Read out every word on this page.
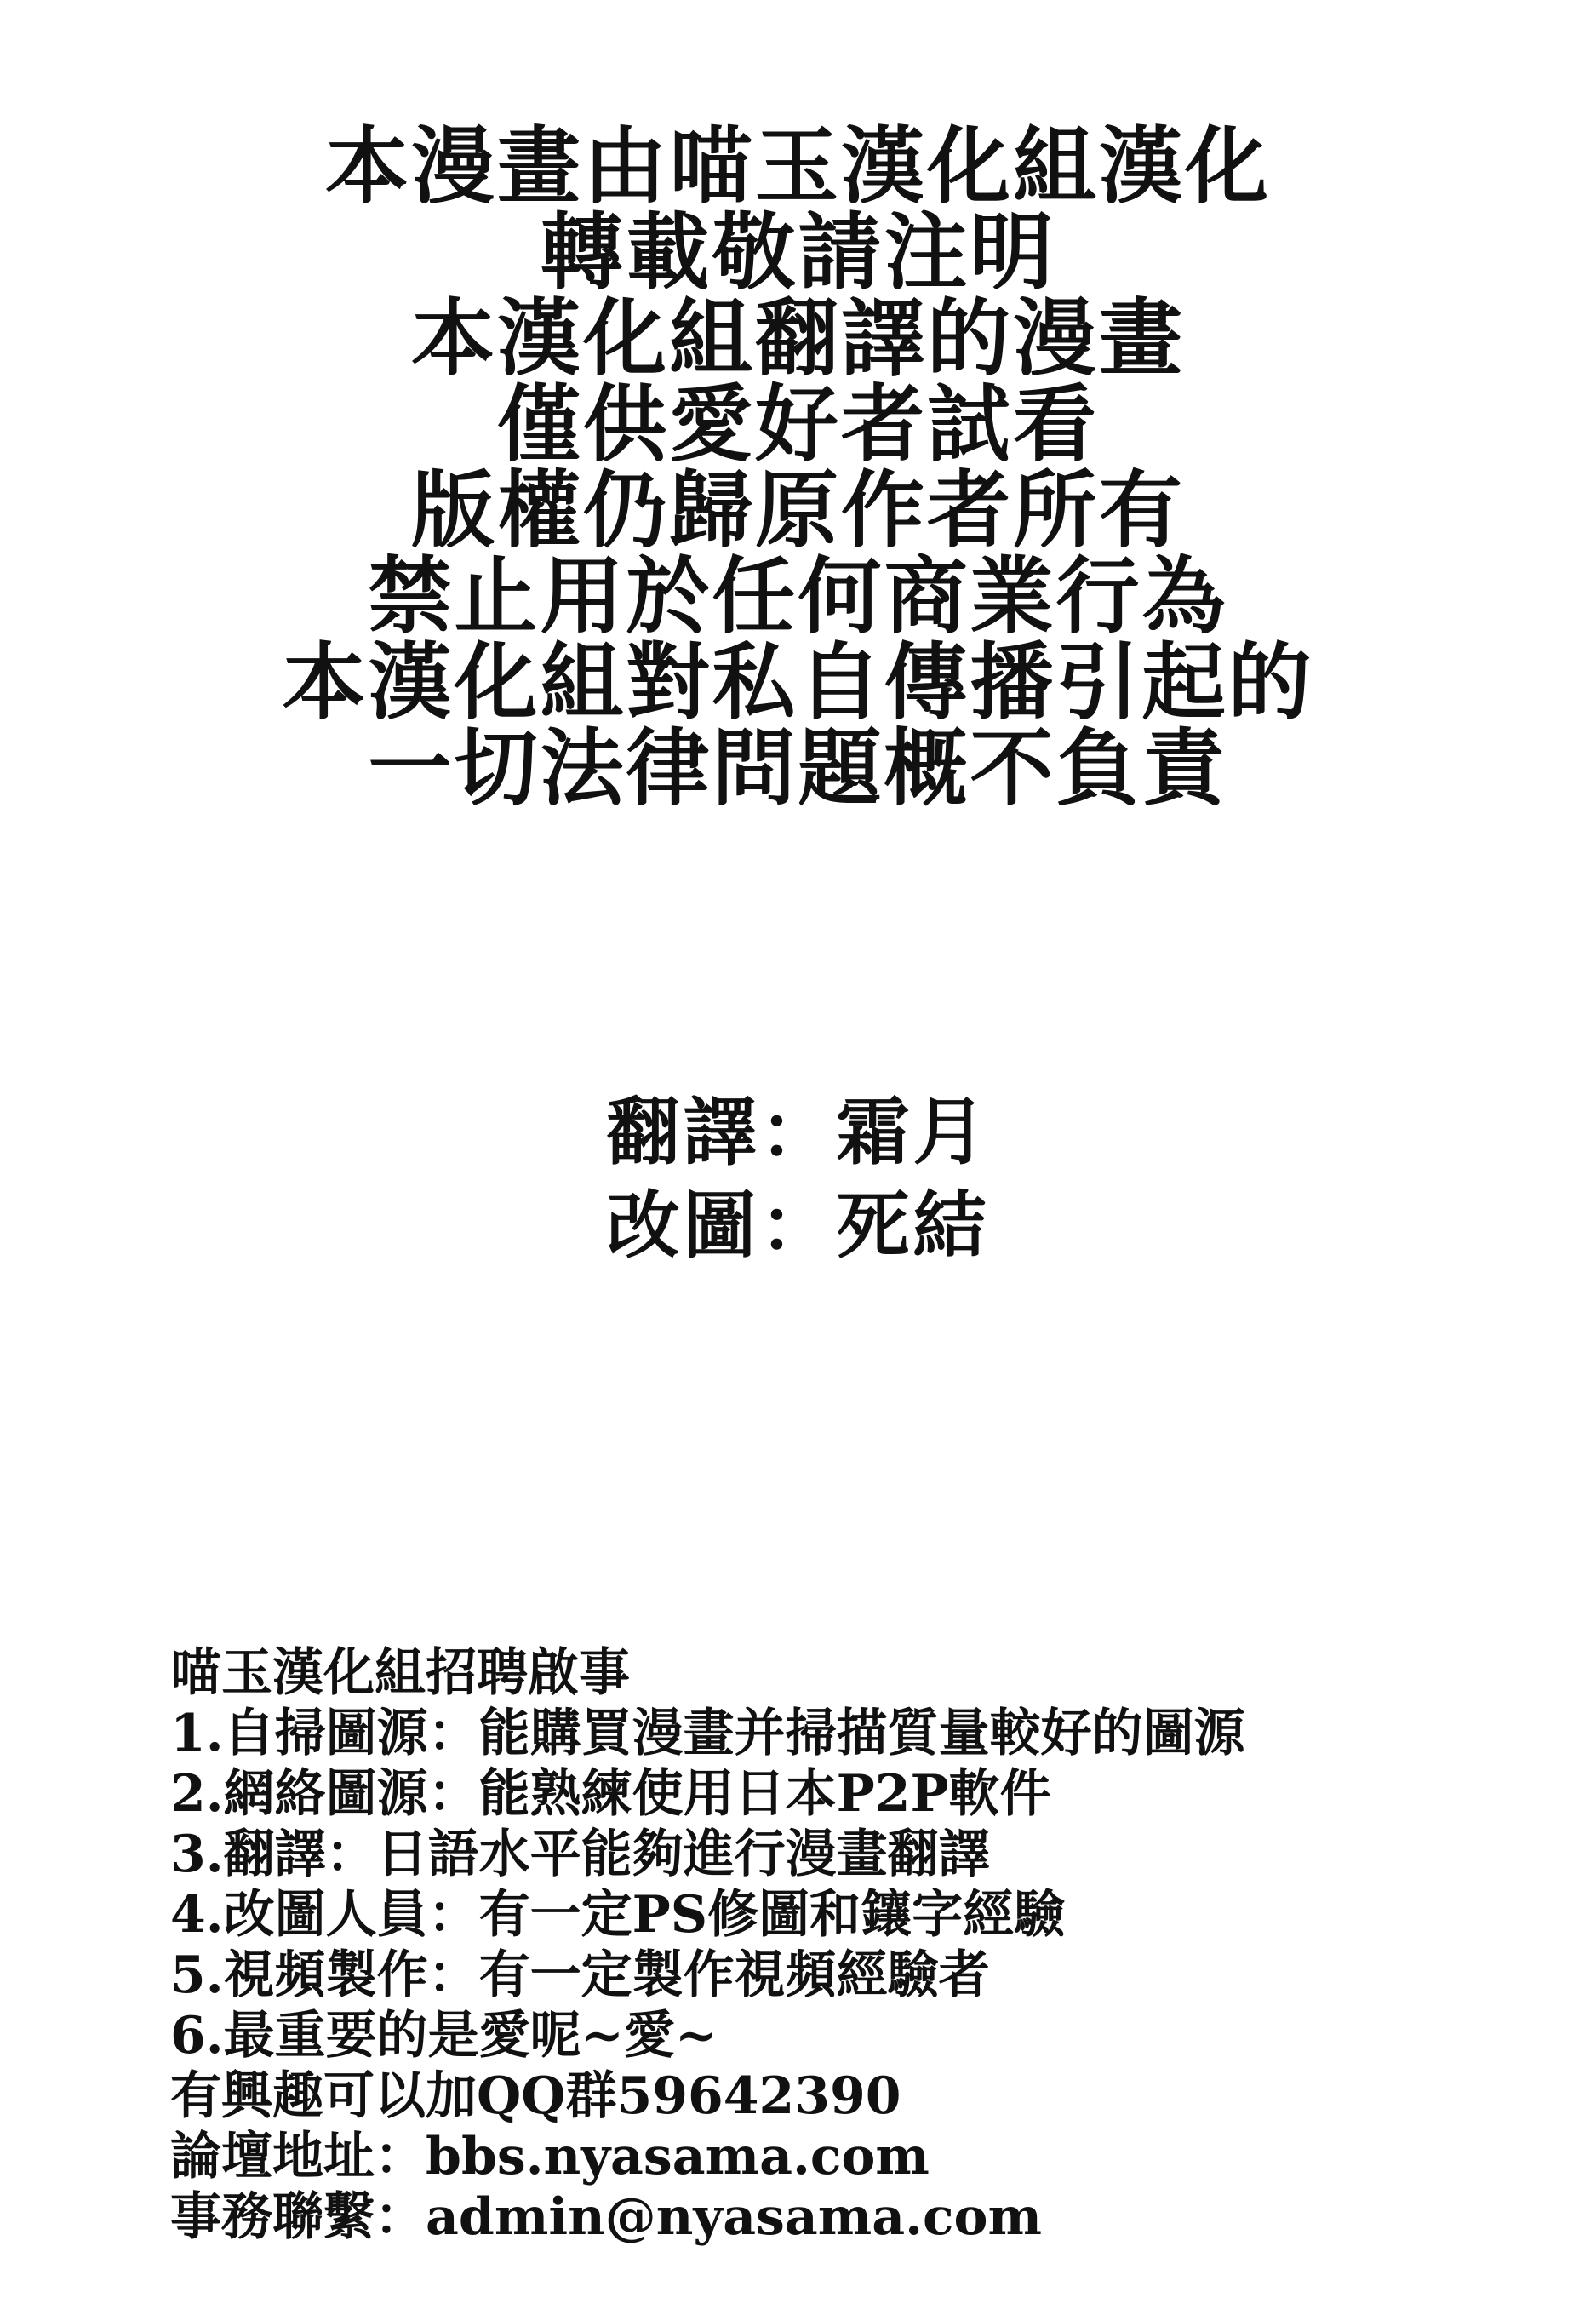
本漫畫由喵玉漢化組漢化
轉載敬請注明
本漢化組翻譯的漫畫
僅供愛好者試看
版權仍歸原作者所有
禁止用於任何商業行為
本漢化組對私自傳播引起的
一切法律問題概不負責
翻譯：霜月
改圖：死結
喵玉漢化組招聘啟事
1.自掃圖源：能購買漫畫并掃描質量較好的圖源
2.網絡圖源：能熟練使用日本P2P軟件
3.翻譯：日語水平能夠進行漫畫翻譯
4.改圖人員：有一定PS修圖和鑲字經驗
5.視頻製作：有一定製作視頻經驗者
6.最重要的是愛呢~愛~
有興趣可以加QQ群59642390
論壇地址：bbs.nyasama.com
事務聯繫：admin@nyasama.com
